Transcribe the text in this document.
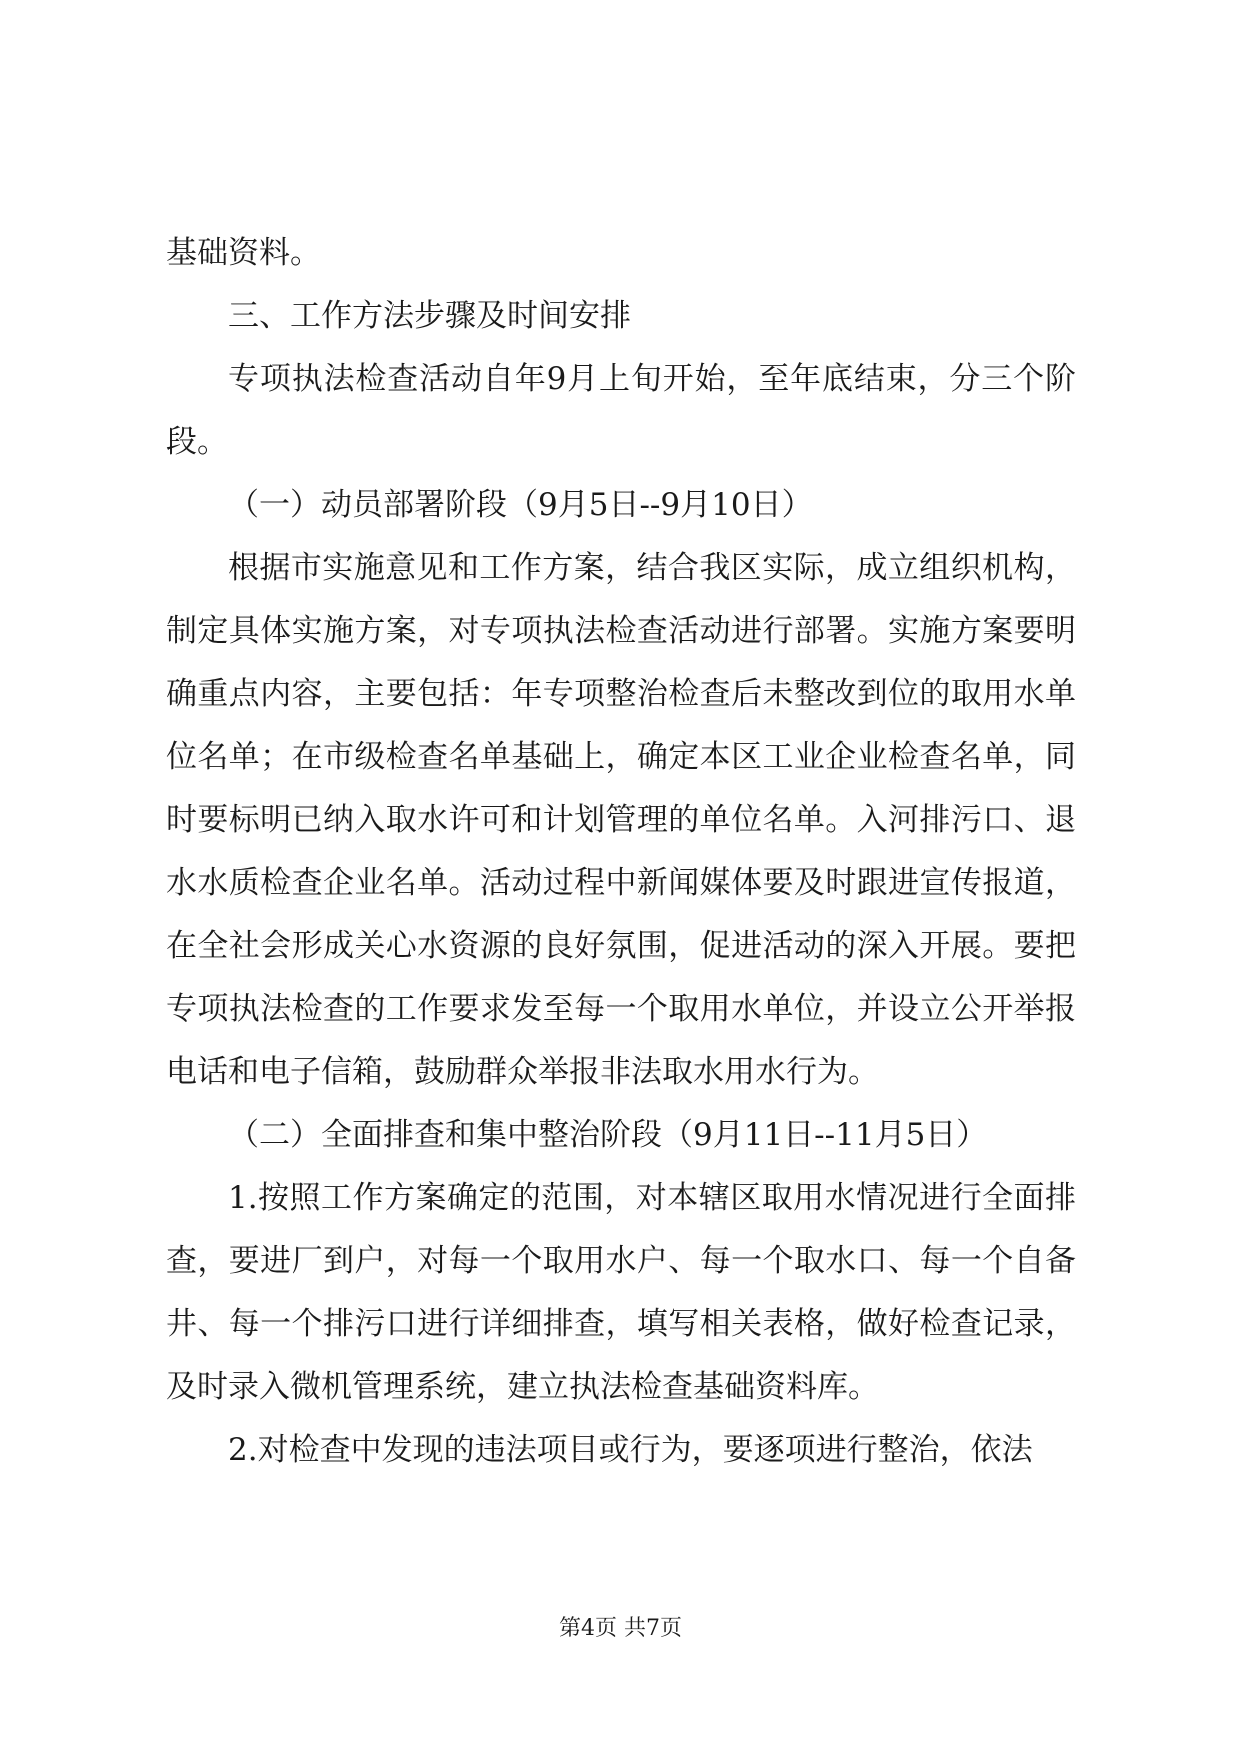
基础资料。

三、工作方法步骤及时间安排

专项执法检查活动自年9月上旬开始，至年底结束，分三个阶段。

（一）动员部署阶段（9月5日--9月10日）

根据市实施意见和工作方案，结合我区实际，成立组织机构，制定具体实施方案，对专项执法检查活动进行部署。实施方案要明确重点内容，主要包括：年专项整治检查后未整改到位的取用水单位名单；在市级检查名单基础上，确定本区工业企业检查名单，同时要标明已纳入取水许可和计划管理的单位名单。入河排污口、退水水质检查企业名单。活动过程中新闻媒体要及时跟进宣传报道，在全社会形成关心水资源的良好氛围，促进活动的深入开展。要把专项执法检查的工作要求发至每一个取用水单位，并设立公开举报电话和电子信箱，鼓励群众举报非法取水用水行为。

（二）全面排查和集中整治阶段（9月11日--11月5日）

1.按照工作方案确定的范围，对本辖区取用水情况进行全面排查，要进厂到户，对每一个取用水户、每一个取水口、每一个自备井、每一个排污口进行详细排查，填写相关表格，做好检查记录，及时录入微机管理系统，建立执法检查基础资料库。

2.对检查中发现的违法项目或行为，要逐项进行整治，依法

第4页 共7页
